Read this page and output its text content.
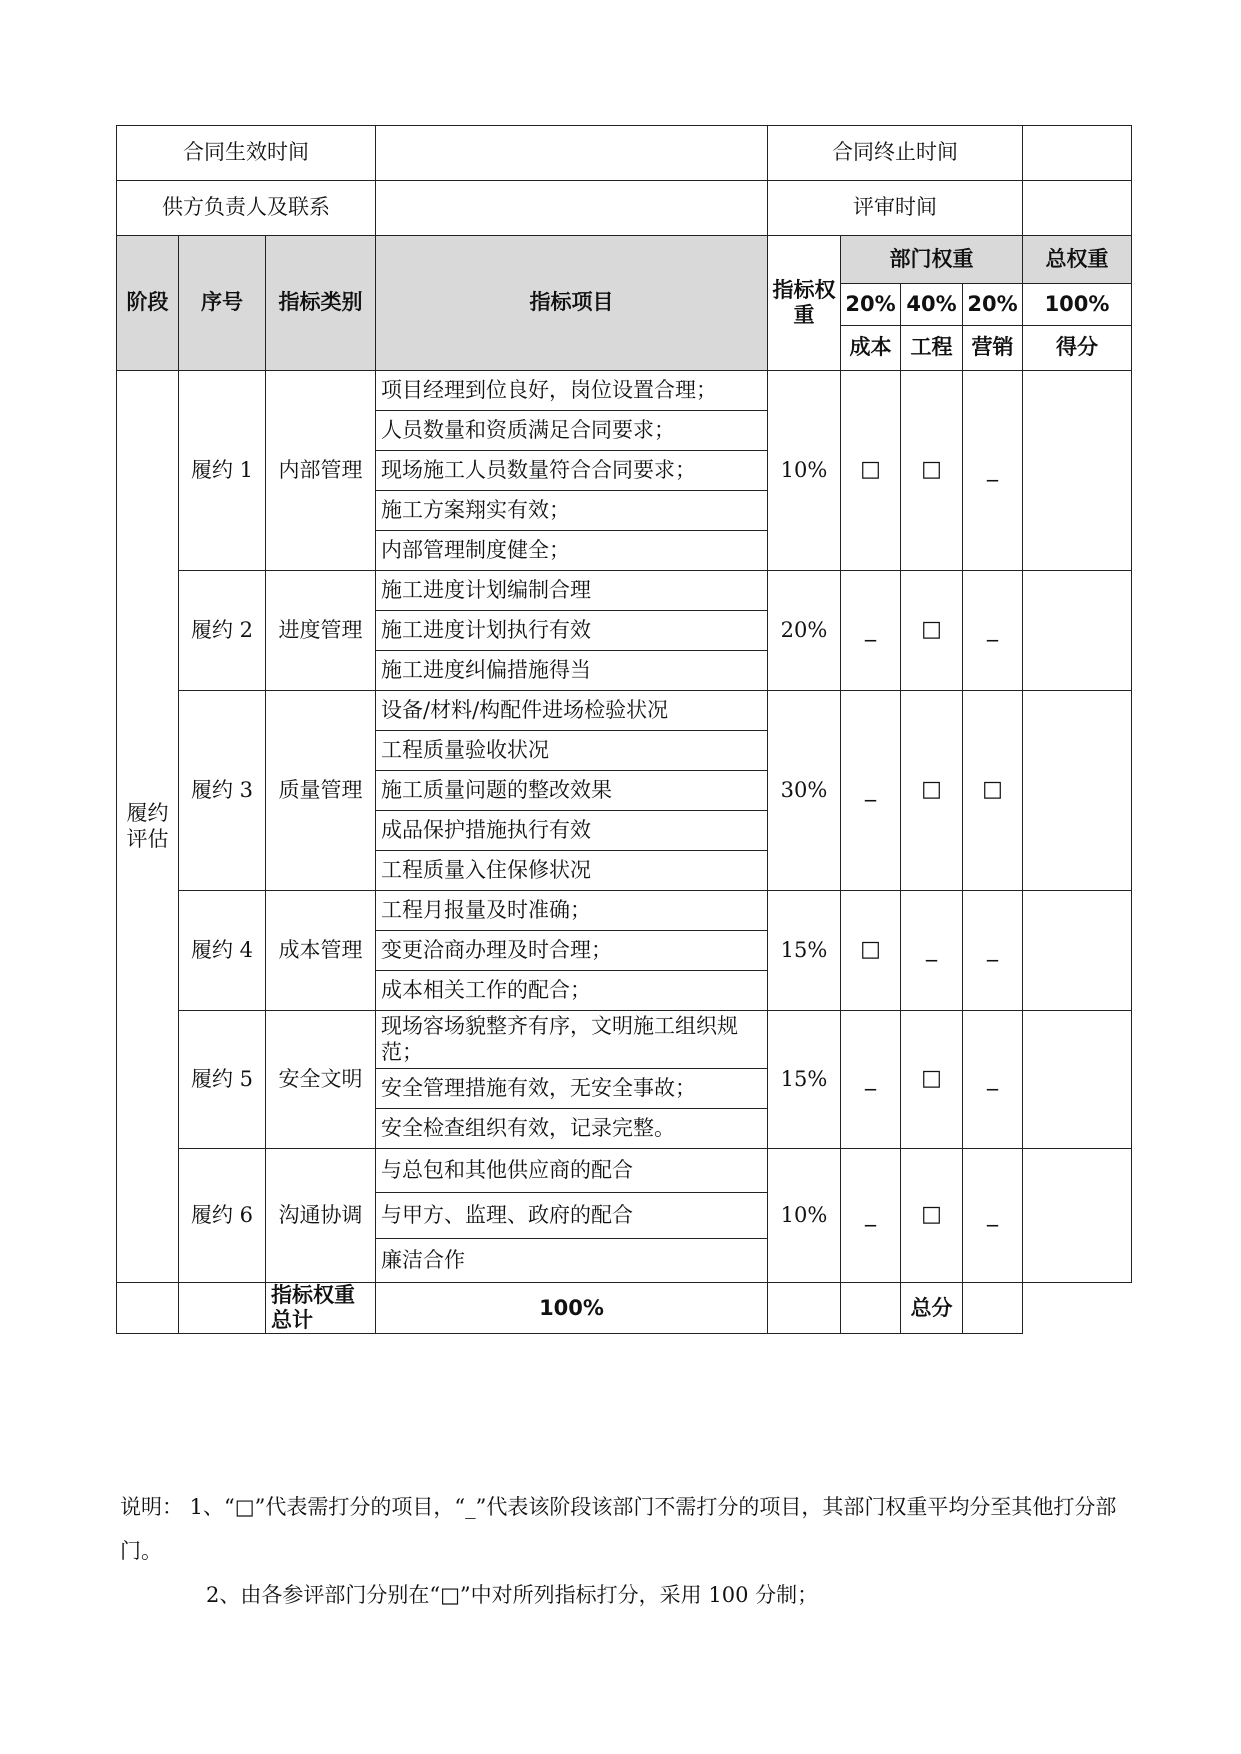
合同生效时间				合同终止时间				
供方负责人及联系				评审时间				
阶段	序号	指标类别	指标项目	指标权重	部门权重			总权重
					20%	40%	20%	100%
					成本	工程	营销	得分
履约评估	履约 1	内部管理	项目经理到位良好，岗位设置合理；	10%	□	□	_	
			人员数量和资质满足合同要求；					
			现场施工人员数量符合合同要求；					
			施工方案翔实有效；					
			内部管理制度健全；					
	履约 2	进度管理	施工进度计划编制合理	20%	_	□	_	
			施工进度计划执行有效					
			施工进度纠偏措施得当					
	履约 3	质量管理	设备/材料/构配件进场检验状况	30%	_	□	□	
			工程质量验收状况					
			施工质量问题的整改效果					
			成品保护措施执行有效					
			工程质量入住保修状况					
	履约 4	成本管理	工程月报量及时准确；	15%	□	_	_	
			变更洽商办理及时合理；					
			成本相关工作的配合；					
	履约 5	安全文明	现场容场貌整齐有序，文明施工组织规范；	15%	_	□	_	
			安全管理措施有效，无安全事故；					
			安全检查组织有效，记录完整。					
	履约 6	沟通协调	与总包和其他供应商的配合	10%	_	□	_	
			与甲方、监理、政府的配合					
			廉洁合作					
		指标权重总计	100%			总分		
说明： 1、“□”代表需打分的项目，“_”代表该阶段该部门不需打分的项目，其部门权重平均分至其他打分部门。
2、由各参评部门分别在“□”中对所列指标打分，采用 100 分制；
